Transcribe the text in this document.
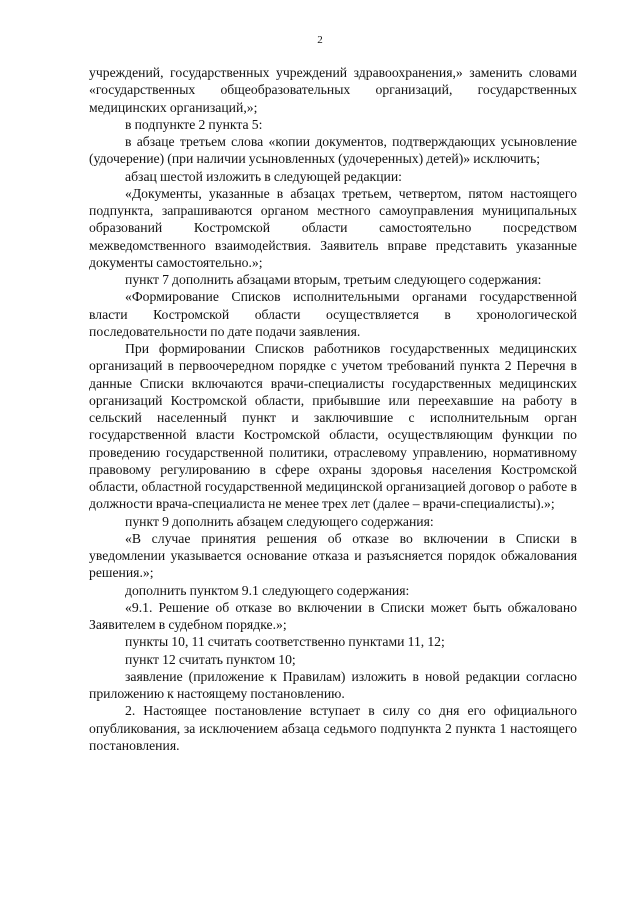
2

учреждений, государственных учреждений здравоохранения,» заменить словами «государственных общеобразовательных организаций, государственных медицинских организаций,»;

в подпункте 2 пункта 5:

в абзаце третьем слова «копии документов, подтверждающих усыновление (удочерение) (при наличии усыновленных (удочеренных) детей)» исключить;

абзац шестой изложить в следующей редакции:

«Документы, указанные в абзацах третьем, четвертом, пятом настоящего подпункта, запрашиваются органом местного самоуправления муниципальных образований Костромской области самостоятельно посредством межведомственного взаимодействия. Заявитель вправе представить указанные документы самостоятельно.»;

пункт 7 дополнить абзацами вторым, третьим следующего содержания:

«Формирование Списков исполнительными органами государственной власти Костромской области осуществляется в хронологической последовательности по дате подачи заявления.

При формировании Списков работников государственных медицинских организаций в первоочередном порядке с учетом требований пункта 2 Перечня в данные Списки включаются врачи-специалисты государственных медицинских организаций Костромской области, прибывшие или переехавшие на работу в сельский населенный пункт и заключившие с исполнительным орган государственной власти Костромской области, осуществляющим функции по проведению государственной политики, отраслевому управлению, нормативному правовому регулированию в сфере охраны здоровья населения Костромской области, областной государственной медицинской организацией договор о работе в должности врача-специалиста не менее трех лет (далее – врачи-специалисты).»;

пункт 9 дополнить абзацем следующего содержания:

«В случае принятия решения об отказе во включении в Списки в уведомлении указывается основание отказа и разъясняется порядок обжалования решения.»;

дополнить пунктом 9.1 следующего содержания:

«9.1. Решение об отказе во включении в Списки может быть обжаловано Заявителем в судебном порядке.»;

пункты 10, 11 считать соответственно пунктами 11, 12;

пункт 12 считать пунктом 10;

заявление (приложение к Правилам) изложить в новой редакции согласно приложению к настоящему постановлению.

2. Настоящее постановление вступает в силу со дня его официального опубликования, за исключением абзаца седьмого подпункта 2 пункта 1 настоящего постановления.
